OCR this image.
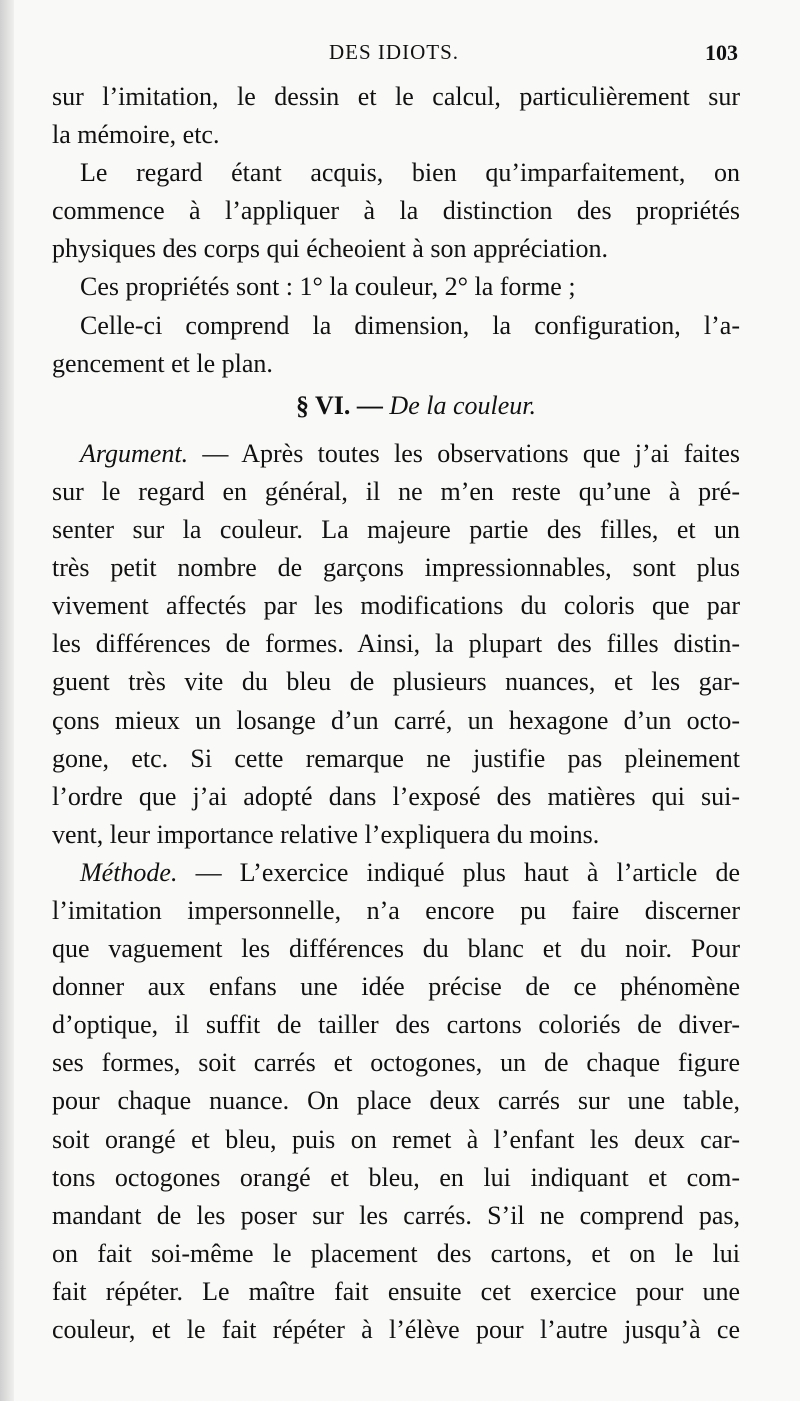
DES IDIOTS.	103
sur l’imitation, le dessin et le calcul, particulièrement sur
la mémoire, etc.
Le regard étant acquis, bien qu’imparfaitement, on
commence à l’appliquer à la distinction des propriétés
physiques des corps qui écheoient à son appréciation.
Ces propriétés sont : 1° la couleur, 2° la forme ;
Celle-ci comprend la dimension, la configuration, l’a-
gencement et le plan.
§ VI. — De la couleur.
Argument. — Après toutes les observations que j’ai faites
sur le regard en général, il ne m’en reste qu’une à pré-
senter sur la couleur. La majeure partie des filles, et un
très petit nombre de garçons impressionnables, sont plus
vivement affectés par les modifications du coloris que par
les différences de formes. Ainsi, la plupart des filles distin-
guent très vite du bleu de plusieurs nuances, et les gar-
çons mieux un losange d’un carré, un hexagone d’un octo-
gone, etc. Si cette remarque ne justifie pas pleinement
l’ordre que j’ai adopté dans l’exposé des matières qui sui-
vent, leur importance relative l’expliquera du moins.
Méthode. — L’exercice indiqué plus haut à l’article de
l’imitation impersonnelle, n’a encore pu faire discerner
que vaguement les différences du blanc et du noir. Pour
donner aux enfans une idée précise de ce phénomène
d’optique, il suffit de tailler des cartons coloriés de diver-
ses formes, soit carrés et octogones, un de chaque figure
pour chaque nuance. On place deux carrés sur une table,
soit orangé et bleu, puis on remet à l’enfant les deux car-
tons octogones orangé et bleu, en lui indiquant et com-
mandant de les poser sur les carrés. S’il ne comprend pas,
on fait soi-même le placement des cartons, et on le lui
fait répéter. Le maître fait ensuite cet exercice pour une
couleur, et le fait répéter à l’élève pour l’autre jusqu’à ce
